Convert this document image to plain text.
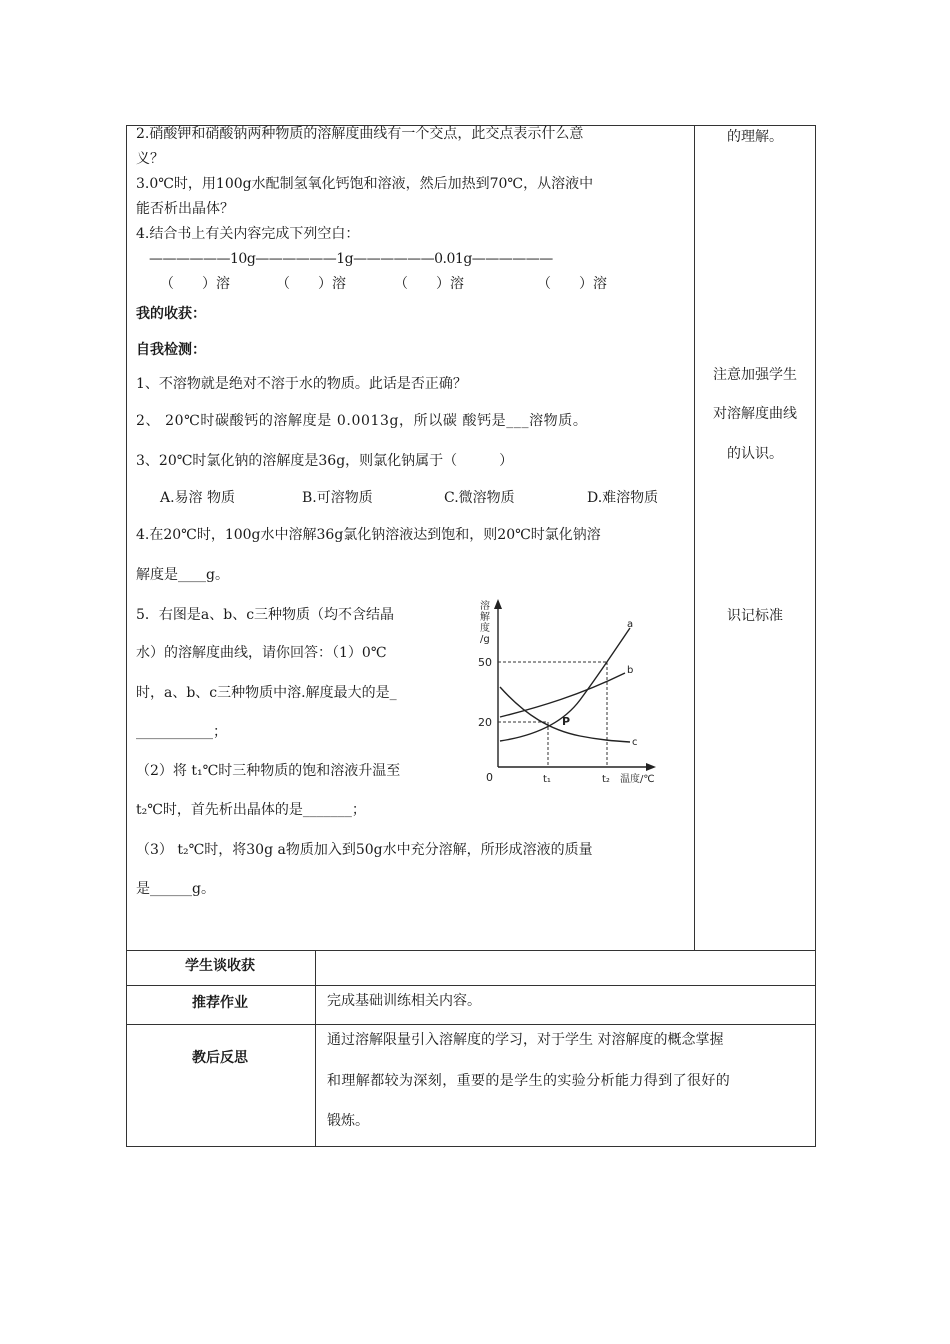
2.硝酸钾和硝酸钠两种物质的溶解度曲线有一个交点，此交点表示什么意
义？
3.0℃时，用100g水配制氢氧化钙饱和溶液，然后加热到70℃，从溶液中
能否析出晶体？
4.结合书上有关内容完成下列空白：
——————10g——————1g——————0.01g——————
（　　）溶	（　　）溶	（　　）溶	（　　）溶
我的收获：
自我检测：
1、不溶物就是绝对不溶于水的物质。此话是否正确？
2、 20℃时碳酸钙的溶解度是 0.0013g，所以碳 酸钙是___溶物质。
3、20℃时氯化钠的溶解度是36g，则氯化钠属于（　　　）
A.易溶 物质	B.可溶物质	C.微溶物质	D.难溶物质
4.在20℃时，100g水中溶解36g氯化钠溶液达到饱和，则20℃时氯化钠溶
解度是____g。
5．右图是a、b、c三种物质（均不含结晶
水）的溶解度曲线，请你回答：（1）0℃
时，a、b、c三种物质中溶.解度最大的是_
___________；
（2）将 t₁℃时三种物质的饱和溶液升温至
t₂℃时，首先析出晶体的是_______；
（3） t₂℃时，将30g a物质加入到50g水中充分溶解，所形成溶液的质量
是______g。
溶解度/g
50
20
0
a
b
c
P
t₁	t₂ 温度/℃
的理解。
注意加强学生
对溶解度曲线
的认识。
识记标准
学生谈收获
推荐作业	完成基础训练相关内容。
教后反思
通过溶解限量引入溶解度的学习，对于学生 对溶解度的概念掌握
和理解都较为深刻，重要的是学生的实验分析能力得到了很好的
锻炼。
